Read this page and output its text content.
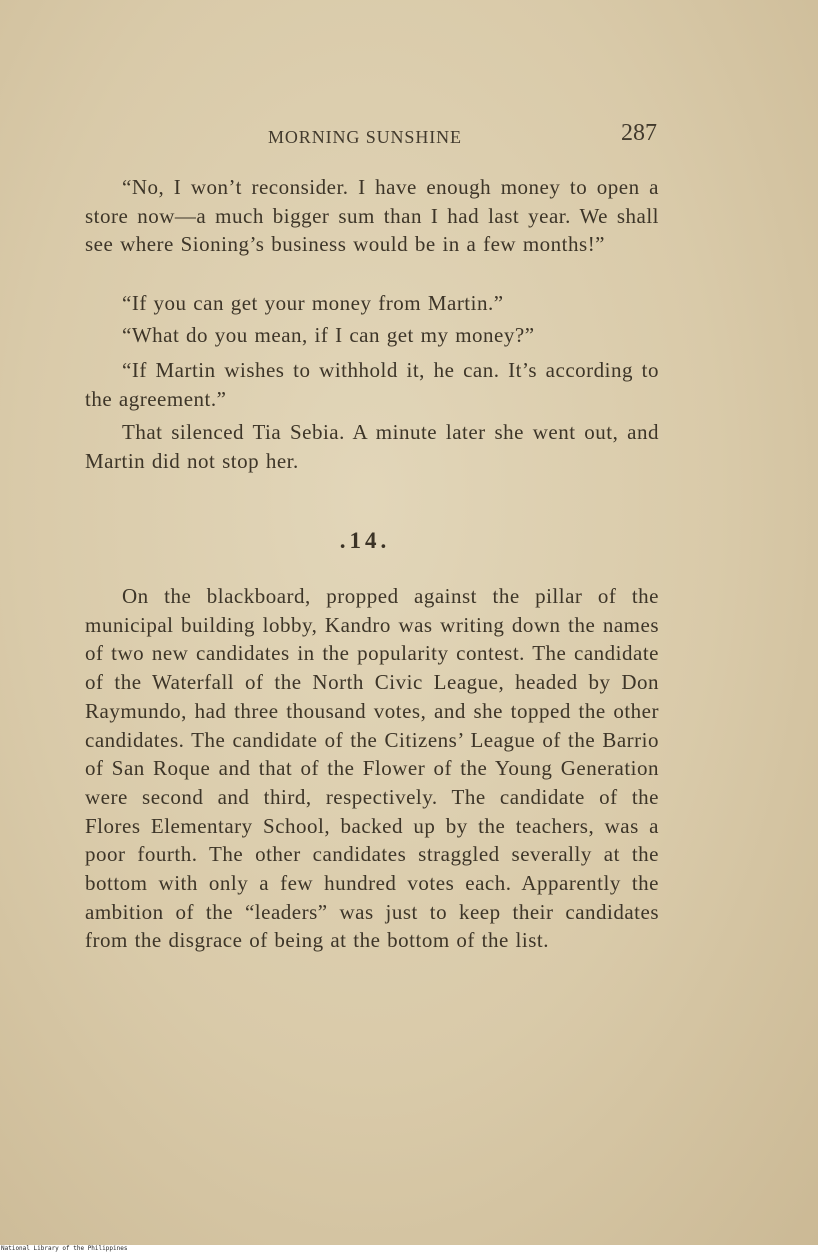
MORNING SUNSHINE	287

“No, I won’t reconsider. I have enough money to open a store now—a much bigger sum than I had last year. We shall see where Sioning’s business would be in a few months!”

“If you can get your money from Martin.”

“What do you mean, if I can get my money?”

“If Martin wishes to withhold it, he can. It’s according to the agreement.”

That silenced Tia Sebia. A minute later she went out, and Martin did not stop her.

.14.

On the blackboard, propped against the pillar of the municipal building lobby, Kandro was writing down the names of two new candidates in the popularity contest. The candidate of the Waterfall of the North Civic League, headed by Don Raymundo, had three thousand votes, and she topped the other candidates. The candidate of the Citizens’ League of the Barrio of San Roque and that of the Flower of the Young Generation were second and third, respectively. The candidate of the Flores Elementary School, backed up by the teachers, was a poor fourth. The other candidates straggled severally at the bottom with only a few hundred votes each. Apparently the ambition of the “leaders” was just to keep their candidates from the disgrace of being at the bottom of the list.

National Library of the Philippines
